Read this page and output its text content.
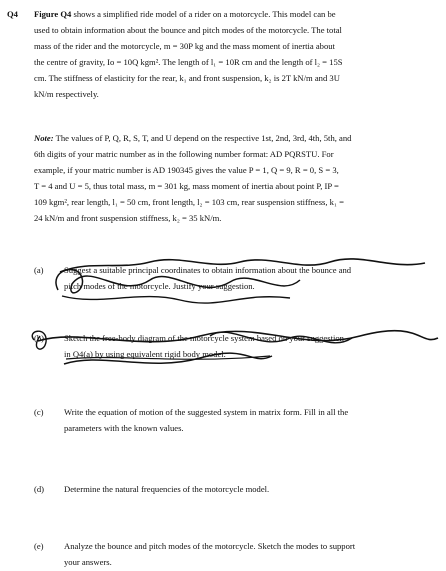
Q4 Figure Q4 shows a simplified ride model of a rider on a motorcycle. This model can be
used to obtain information about the bounce and pitch modes of the motorcycle. The total
mass of the rider and the motorcycle, m = 30P kg and the mass moment of inertia about
the centre of gravity, Io = 10Q kgm². The length of l₁ = 10R cm and the length of l₂ = 15S
cm. The stiffness of elasticity for the rear, k₁ and front suspension, k₂ is 2T kN/m and 3U
kN/m respectively.
Note: The values of P, Q, R, S, T, and U depend on the respective 1st, 2nd, 3rd, 4th, 5th, and
6th digits of your matric number as in the following number format: AD PQRSTU. For
example, if your matric number is AD 190345 gives the value P = 1, Q = 9, R = 0, S = 3,
T = 4 and U = 5, thus total mass, m = 301 kg, mass moment of inertia about point P, IP =
109 kgm², rear length, l₁ = 50 cm, front length, l₂ = 103 cm, rear suspension stiffness, k₁ =
24 kN/m and front suspension stiffness, k₂ = 35 kN/m.
(a) Suggest a suitable principal coordinates to obtain information about the bounce and
pitch modes of the motorcycle. Justify your suggestion.
(b) Sketch the free-body diagram of the motorcycle system based on your suggestion
in Q4(a) by using equivalent rigid body model.
(c) Write the equation of motion of the suggested system in matrix form. Fill in all the
parameters with the known values.
(d) Determine the natural frequencies of the motorcycle model.
(e) Analyze the bounce and pitch modes of the motorcycle. Sketch the modes to support
your answers.
